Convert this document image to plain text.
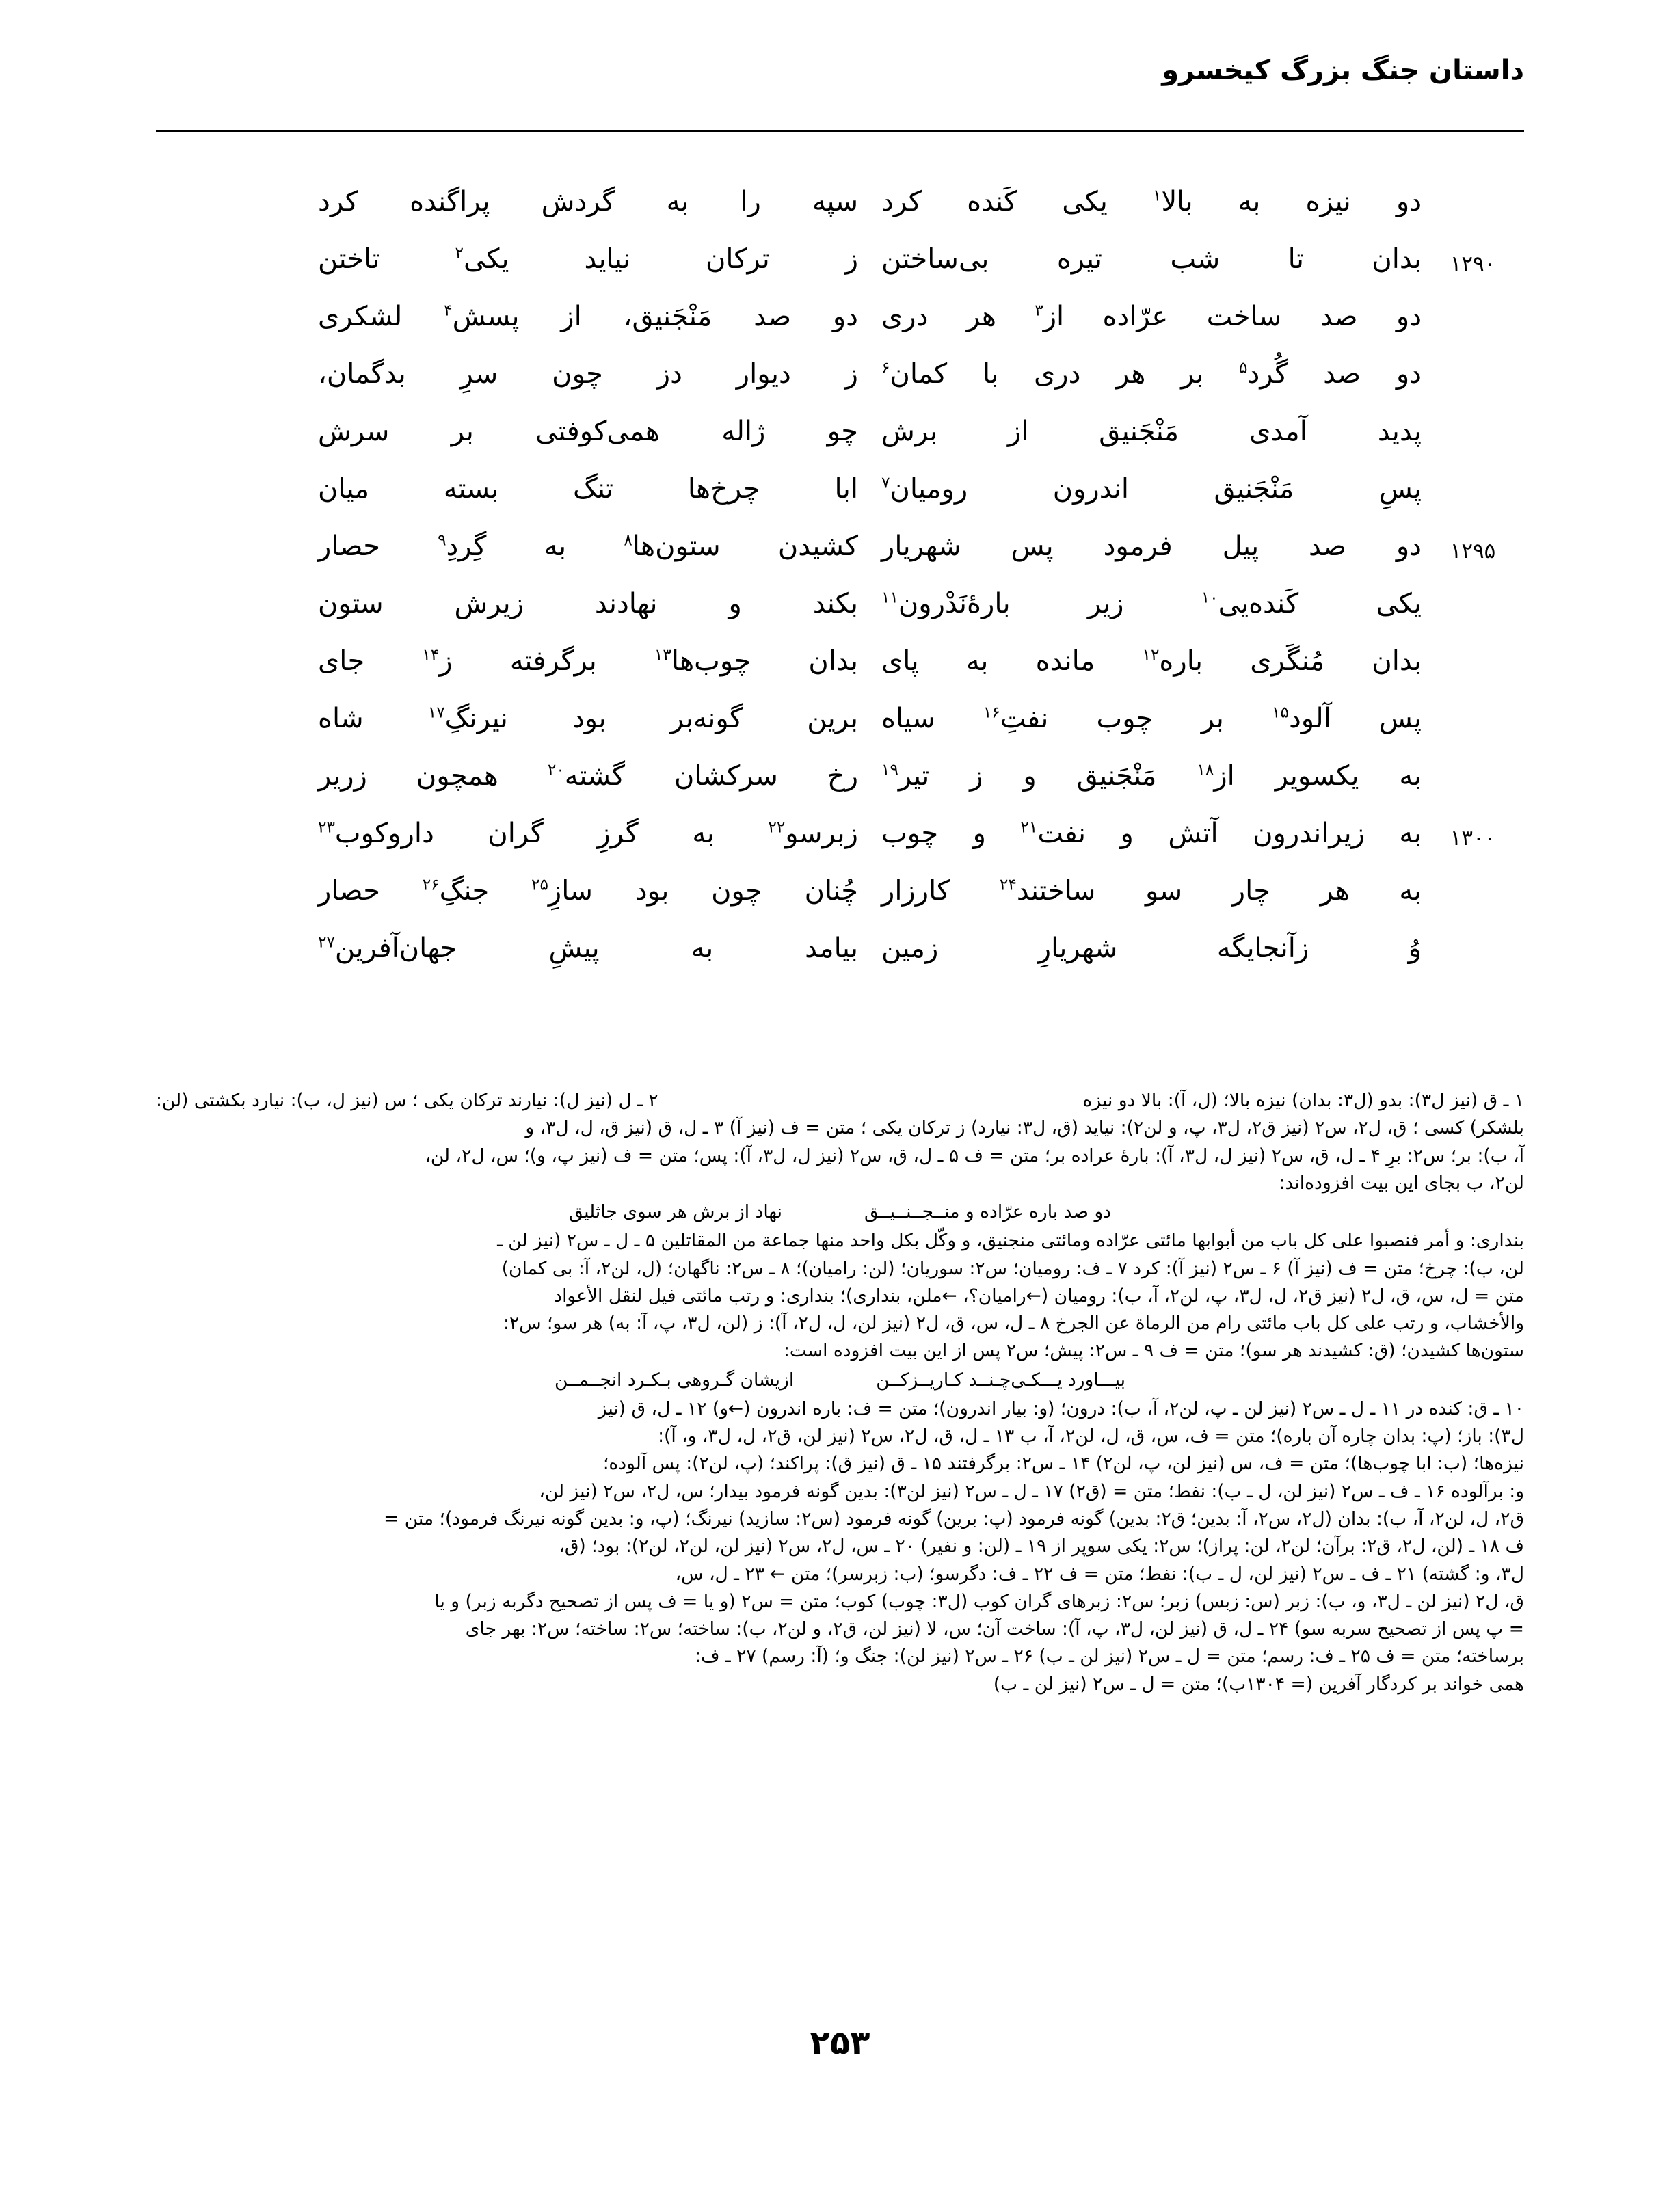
داستان جنگ بزرگ کیخسرو
دو نیزه به بالا$^۱$ یکی کَنده کرد
سپه را به گردش پراگنده کرد
۱۲۹۰
بدان تا شب تیره بی‌ساختن
ز ترکان نیاید یکی$^۲$ تاختن
دو صد ساخت عرّاده از$^۳$ هر دری
دو صد مَنْجَنیق، از پسش$^۴$ لشکری
دو صد گُرد$^۵$ بر هر دری با کمان$^۶$
ز دیوار دز چون سرِ بدگمان،
پدید آمدی مَنْجَنیق از برش
چو ژاله همی‌کوفتی بر سرش
پسِ مَنْجَنیق اندرون رومیان$^۷$
ابا چرخ‌ها تنگ بسته میان
۱۲۹۵
دو صد پیل فرمود پس شهریار
کشیدن ستون‌ها$^۸$ به گِردِ$^۹$ حصار
یکی کَنده‌یی$^{۱۰}$ زیر بارهٔ‌نَدْرون$^{۱۱}$
بکند و نهادند زیرش ستون
بدان مُنگَری باره$^{۱۲}$ مانده به پای
بدان چوب‌ها$^{۱۳}$ برگرفته ز$^{۱۴}$ جای
پس آلود$^{۱۵}$ بر چوب نفتِ$^{۱۶}$ سیاه
برین گونه‌بر بود نیرنگِ$^{۱۷}$ شاه
به یکسویر از$^{۱۸}$ مَنْجَنیق و ز تیر$^{۱۹}$
رخ سرکشان گشته$^{۲۰}$ همچون زریر
۱۳۰۰
به زیراندرون آتش و نفت$^{۲۱}$ و چوب
زبرسو$^{۲۲}$ به گرزِ گران داروکوب$^{۲۳}$
به هر چار سو ساختند$^{۲۴}$ کارزار
چُنان چون بود سازِ$^{۲۵}$ جنگِ$^{۲۶}$ حصار
وُ زآنجایگه شهریارِ زمین
بیامد به پیشِ جهان‌آفرین$^{۲۷}$
۱ ـ ق (نیز ل۳): بدو (ل۳: بدان) نیزه بالا؛ (ل، آ): بالا دو نیزه
۲ ـ ل (نیز ل): نیارند ترکان یکی ؛ س (نیز ل، ب): نیارد بکشتی (لن:
بلشکر) کسی ؛ ق، ل۲، س۲ (نیز ق۲، ل۳، پ، و لن۲): نیاید (ق، ل۳: نیارد) ز ترکان یکی ؛ متن = ف (نیز آ) ۳ ـ ل، ق (نیز ق، ل، ل۳، و
آ، ب): بر؛ س۲: برِ ۴ ـ ل، ق، س۲ (نیز ل، ل۳، آ): بارهٔ عراده بر؛ متن = ف ۵ ـ ل، ق، س۲ (نیز ل، ل۳، آ): پس؛ متن = ف (نیز پ، و)؛ س، ل۲، لن،
لن۲، ب بجای این بیت افزوده‌اند:
دو صد باره عرّاده و منــجــنــیــق
نهاد از برش هر سوی جاثلیق
بنداری: و أمر فنصبوا علی کل باب من أبوابها مائتی عرّاده ومائتی منجنیق، و وکّل بکل واحد منها جماعة من المقاتلین ۵ ـ ل ـ س۲ (نیز لن ـ
لن، ب): چرخ؛ متن = ف (نیز آ) ۶ ـ س۲ (نیز آ): کرد ۷ ـ ف: رومیان؛ س۲: سوریان؛ (لن: رامیان)؛ ۸ ـ س۲: ناگهان؛ (ل، لن۲، آ: بی کمان)
متن = ل، س، ق، ل۲ (نیز ق۲، ل، ل۳، پ، لن۲، آ، ب): رومیان (←رامیان؟، ←ملن، بنداری)؛ بنداری: و رتب مائتی فیل لنقل الأعواد
والأخشاب، و رتب علی کل باب مائتی رام من الرماة عن الجرخ ۸ ـ ل، س، ق، ل۲ (نیز لن، ل، ل۲، آ): ز (لن، ل۳، پ، آ: به) هر سو؛ س۲:
ستون‌ها کشیدن؛ (ق: کشیدند هر سو)؛ متن = ف ۹ ـ س۲: پیش؛ س۲ پس از این بیت افزوده است:
بیـــاورد یـــکـی‌چـنــد کـاریــزکــن
ازیشان گـروهی بـکـرد انجــمــن
۱۰ ـ ق: کنده در ۱۱ ـ ل ـ س۲ (نیز لن ـ پ، لن۲، آ، ب): درون؛ (و: بیار اندرون)؛ متن = ف: باره اندرون (←و) ۱۲ ـ ل، ق (نیز
ل۳): باز؛ (پ: بدان چاره آن باره)؛ متن = ف، س، ق، ل، لن۲، آ، ب ۱۳ ـ ل، ق، ل۲، س۲ (نیز لن، ق۲، ل، ل۳، و، آ):
نیزه‌ها؛ (ب: ابا چوب‌ها)؛ متن = ف، س (نیز لن، پ، لن۲) ۱۴ ـ س۲: برگرفتند ۱۵ ـ ق (نیز ق): پراکند؛ (پ، لن۲): پس آلوده؛
و: برآلوده ۱۶ ـ ف ـ س۲ (نیز لن، ل ـ ب): نفط؛ متن = (ق۲) ۱۷ ـ ل ـ س۲ (نیز لن۳): بدین گونه فرمود بیدار؛ س، ل۲، س۲ (نیز لن،
ق۲، ل، لن۲، آ، ب): بدان (ل۲، س۲، آ: بدین؛ ق۲: بدین) گونه فرمود (پ: برین) گونه فرمود (س۲: سازید) نیرنگ؛ (پ، و: بدین گونه نیرنگ فرمود)؛ متن =
ف ۱۸ ـ (لن، ل۲، ق۲: برآن؛ لن۲، لن: پراز)؛ س۲: یکی سوپر از ۱۹ ـ (لن: و نفیر) ۲۰ ـ س، ل۲، س۲ (نیز لن، لن۲، لن۲): بود؛ (ق،
ل۳، و: گشته) ۲۱ ـ ف ـ س۲ (نیز لن، ل ـ ب): نفط؛ متن = ف ۲۲ ـ ف: دگرسو؛ (ب: زبرسر)؛ متن ← ۲۳ ـ ل، س،
ق، ل۲ (نیز لن ـ ل۳، و، ب): زبر (س: زبس) زبر؛ س۲: زبرهای گران کوب (ل۳: چوب) کوب؛ متن = س۲ (و یا = ف پس از تصحیح دگربه زبر) و یا
= پ پس از تصحیح سربه سو) ۲۴ ـ ل، ق (نیز لن، ل۳، پ، آ): ساخت آن؛ س، لا (نیز لن، ق۲، و لن۲، ب): ساخته؛ س۲: ساخته؛ س۲: بهر جای
برساخته؛ متن = ف ۲۵ ـ ف: رسم؛ متن = ل ـ س۲ (نیز لن ـ ب) ۲۶ ـ س۲ (نیز لن): جنگ و؛ (آ: رسم) ۲۷ ـ ف:
همی خواند بر کردگار آفرین (= ۱۳۰۴ب)؛ متن = ل ـ س۲ (نیز لن ـ ب)
۲۵۳
